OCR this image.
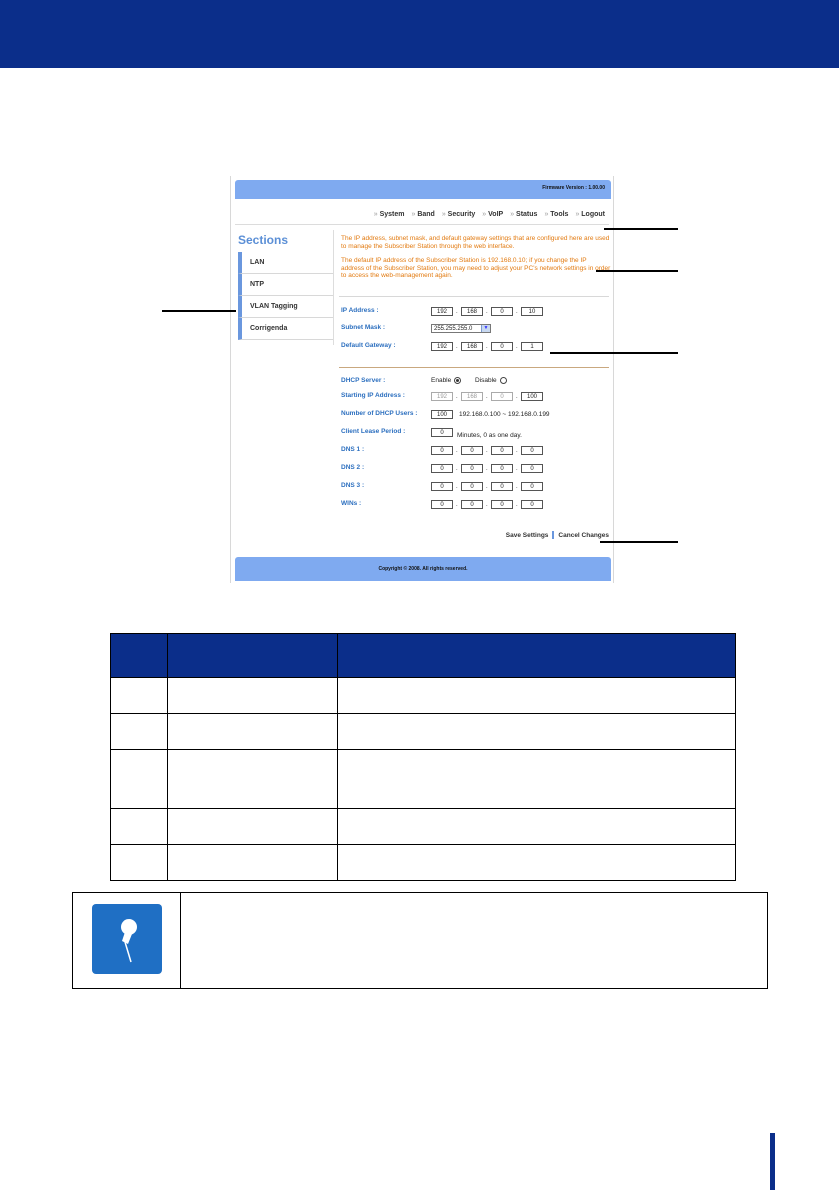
Firmware Version : 1.00.00
» System	» Band	» Security	» VoIP	» Status	» Tools	» Logout
Sections
LAN
NTP
VLAN Tagging
Corrigenda

The IP address, subnet mask, and default gateway settings that are configured here are used to manage the Subscriber Station through the web interface.

The default IP address of the Subscriber Station is 192.168.0.10; if you change the IP address of the Subscriber Station, you may need to adjust your PC's network settings in order to access the web-management again.

IP Address :	192	.	168	.	0	.	10
Subnet Mask :	255.255.255.0	▼
Default Gateway :	192	.	168	.	0	.	1
DHCP Server :	Enable	Disable
Starting IP Address :	192	.	168	.	0	.	100
Number of DHCP Users :	100	192.168.0.100 ~ 192.168.0.199
Client Lease Period :	0	Minutes, 0 as one day.
DNS 1 :	0	.	0	.	0	.	0
DNS 2 :	0	.	0	.	0	.	0
DNS 3 :	0	.	0	.	0	.	0
WINs :	0	.	0	.	0	.	0
Save Settings Cancel Changes
Copyright © 2008. All rights reserved.
